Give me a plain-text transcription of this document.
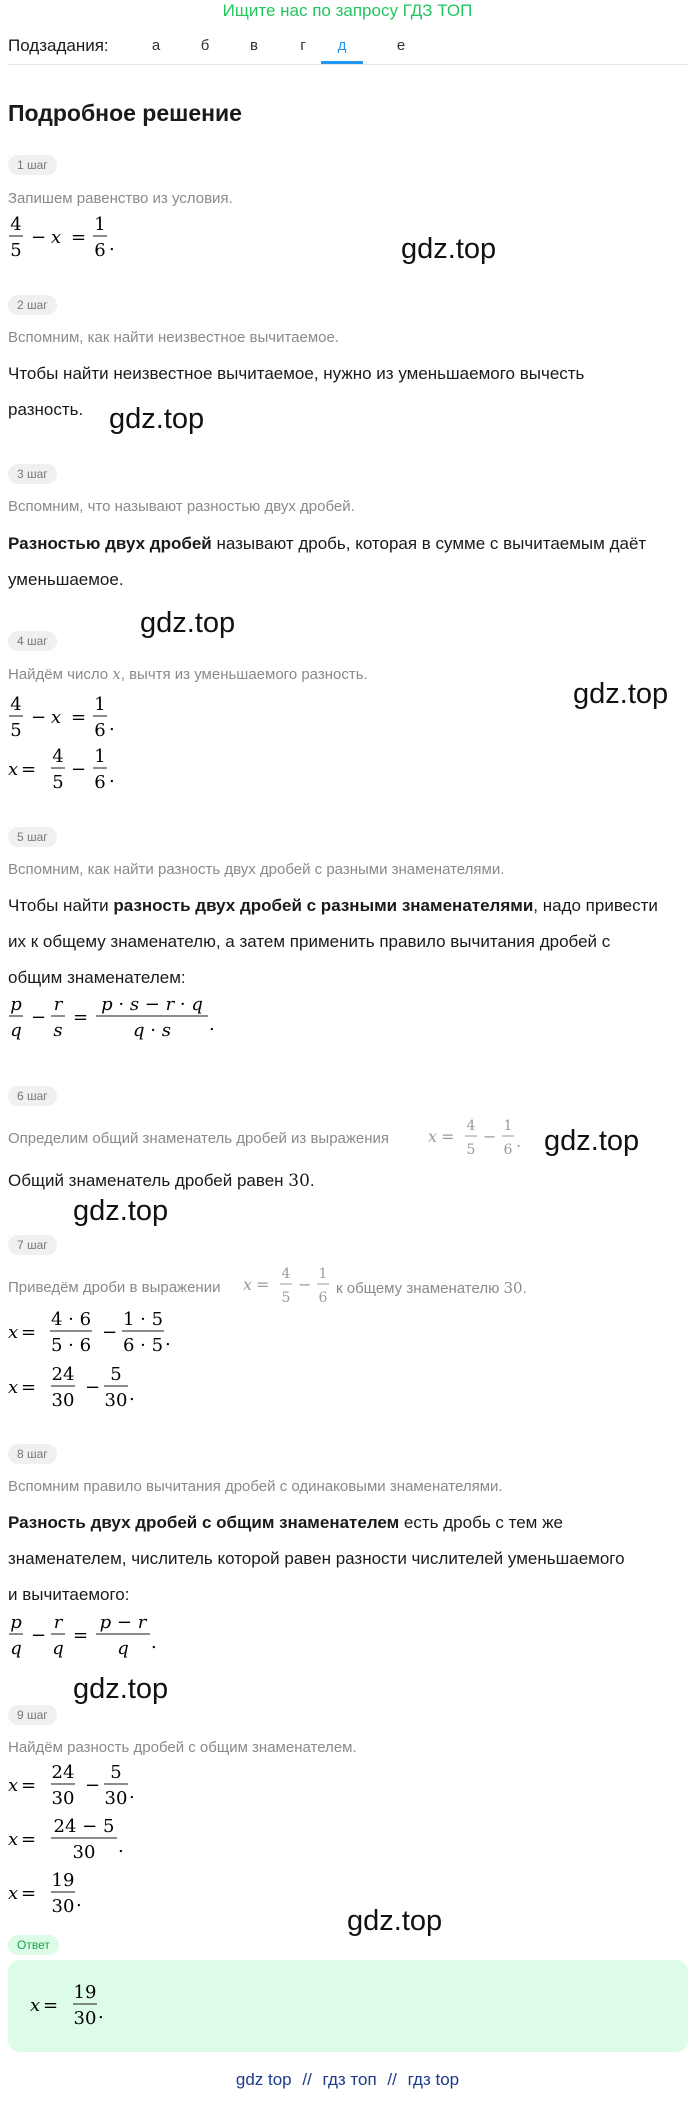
Ищите нас по запросу ГДЗ ТОП
Подзадания:	а	б	в	г	д	е
Подробное решение
1 шаг
Запишем равенство из условия.
4
5
− x =
1
6 .	gdz.top
2 шаг
Вспомним, как найти неизвестное вычитаемое.
Чтобы найти неизвестное вычитаемое, нужно из уменьшаемого вычесть
разность. gdz.top
3 шаг
Вспомним, что называют разностью двух дробей.
Разностью двух дробей называют дробь, которая в сумме с вычитаемым даёт
уменьшаемое.
gdz.top
4 шаг
Найдём число x, вычтя из уменьшаемого разность.
gdz.top
4
5
− x =
1
6 .
x =
4
5
−
1
6 .
5 шаг
Вспомним, как найти разность двух дробей с разными знаменателями.
Чтобы найти разность двух дробей с разными знаменателями, надо привести
их к общему знаменателю, а затем применить правило вычитания дробей с
общим знаменателем:
p
q
−
r
s
=
p · s − r · q
q · s .
6 шаг
Определим общий знаменатель дробей из выражения x =
4
5
−
1
6 . gdz.top
Общий знаменатель дробей равен 30.
gdz.top
7 шаг
Приведём дроби в выражении x =
4
5
−
1
6
к общему знаменателю 30.
x =
4 · 6
5 · 6
−
1 · 5
6 · 5 .
x =
24
30
−
5
30 .
8 шаг
Вспомним правило вычитания дробей с одинаковыми знаменателями.
Разность двух дробей с общим знаменателем есть дробь с тем же
знаменателем, числитель которой равен разности числителей уменьшаемого
и вычитаемого:
p
q
−
r
q
=
p − r
q .
gdz.top
9 шаг
Найдём разность дробей с общим знаменателем.
x =
24
30
−
5
30 .
x =
24 − 5
30 .
x =
19
30 .
Ответ
gdz.top
x =
19
30 .
gdz top // гдз топ // гдз top
